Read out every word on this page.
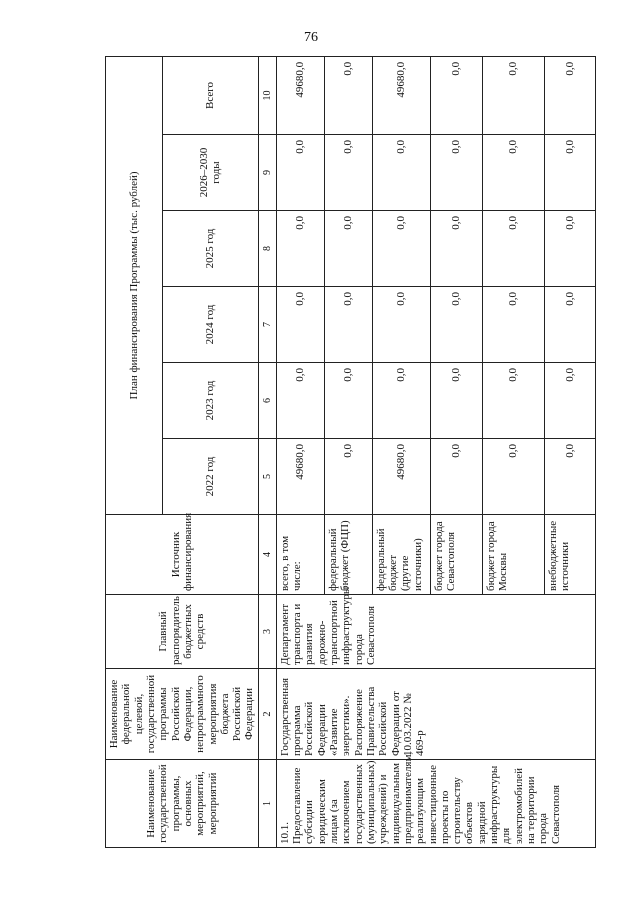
76
Наименование государственной программы, основных мероприятий, мероприятий	Наименование федеральной целевой, государственной программы Российской Федерации, непрограммного мероприятия бюджета Российской Федерации	Главный распорядитель бюджетных средств	Источник финансирования	План финансирования Программы (тыс. рублей)					
				2022 год	2023 год	2024 год	2025 год	2026–2030 годы	Всего
1	2	3	4	5	6	7	8	9	10
10.1. Предоставление субсидии юридическим лицам (за исключением государственных (муниципальных) учреждений) и индивидуальным предпринимателям, реализующим инвестиционные проекты по строительству объектов зарядной инфраструктуры для электромобилей на территории города Севастополя	Государственная программа Российской Федерации «Развитие энергетики». Распоряжение Правительства Российской Федерации от 10.03.2022 № 469-р	Департамент транспорта и развития дорожно-транспортной инфраструктуры города Севастополя	всего, в том числе:	49680,0	0,0	0,0	0,0	0,0	49680,0
			федеральный бюджет (ФЦП)	0,0	0,0	0,0	0,0	0,0	0,0
			федеральный бюджет (другие источники)	49680,0	0,0	0,0	0,0	0,0	49680,0
			бюджет города Севастополя	0,0	0,0	0,0	0,0	0,0	0,0
			бюджет города Москвы	0,0	0,0	0,0	0,0	0,0	0,0
			внебюджетные источники	0,0	0,0	0,0	0,0	0,0	0,0
